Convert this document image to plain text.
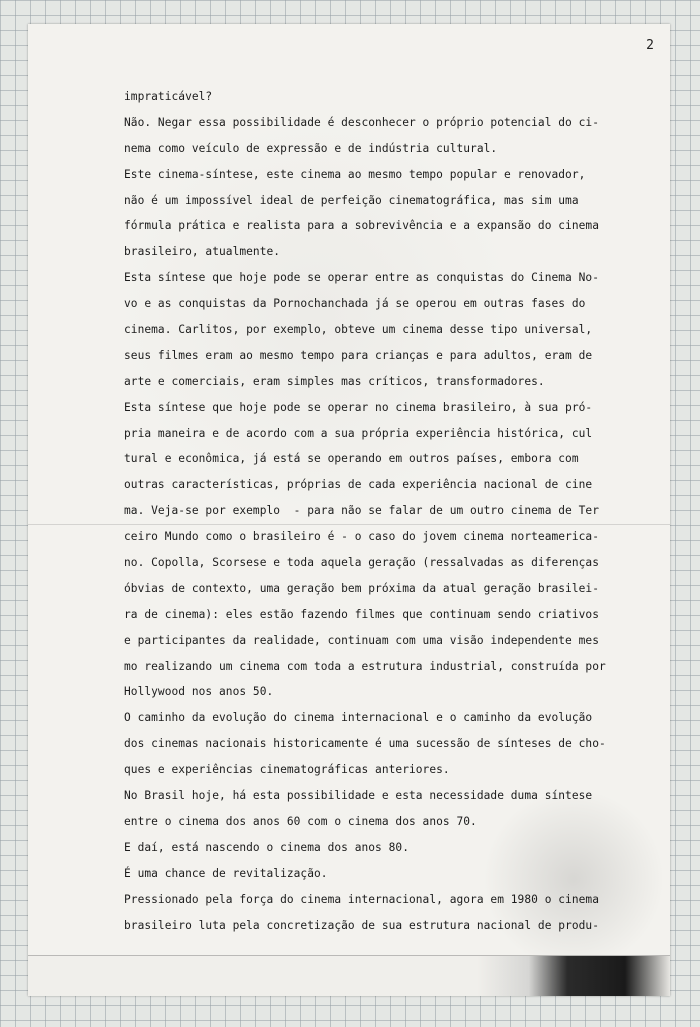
2
impraticável?
Não. Negar essa possibilidade é desconhecer o próprio potencial do ci-
nema como veículo de expressão e de indústria cultural.
Este cinema-síntese, este cinema ao mesmo tempo popular e renovador,
não é um impossível ideal de perfeição cinematográfica, mas sim uma
fórmula prática e realista para a sobrevivência e a expansão do cinema
brasileiro, atualmente.
Esta síntese que hoje pode se operar entre as conquistas do Cinema No-
vo e as conquistas da Pornochanchada já se operou em outras fases do
cinema. Carlitos, por exemplo, obteve um cinema desse tipo universal,
seus filmes eram ao mesmo tempo para crianças e para adultos, eram de
arte e comerciais, eram simples mas críticos, transformadores.
Esta síntese que hoje pode se operar no cinema brasileiro, à sua pró-
pria maneira e de acordo com a sua própria experiência histórica, cul
tural e econômica, já está se operando em outros países, embora com
outras características, próprias de cada experiência nacional de cine
ma. Veja-se por exemplo  - para não se falar de um outro cinema de Ter
ceiro Mundo como o brasileiro é - o caso do jovem cinema norteamerica-
no. Copolla, Scorsese e toda aquela geração (ressalvadas as diferenças
óbvias de contexto, uma geração bem próxima da atual geração brasilei-
ra de cinema): eles estão fazendo filmes que continuam sendo criativos
e participantes da realidade, continuam com uma visão independente mes
mo realizando um cinema com toda a estrutura industrial, construída por
Hollywood nos anos 50.
O caminho da evolução do cinema internacional e o caminho da evolução
dos cinemas nacionais historicamente é uma sucessão de sínteses de cho-
ques e experiências cinematográficas anteriores.
No Brasil hoje, há esta possibilidade e esta necessidade duma síntese
entre o cinema dos anos 60 com o cinema dos anos 70.
E daí, está nascendo o cinema dos anos 80.
É uma chance de revitalização.
Pressionado pela força do cinema internacional, agora em 1980 o cinema
brasileiro luta pela concretização de sua estrutura nacional de produ-
